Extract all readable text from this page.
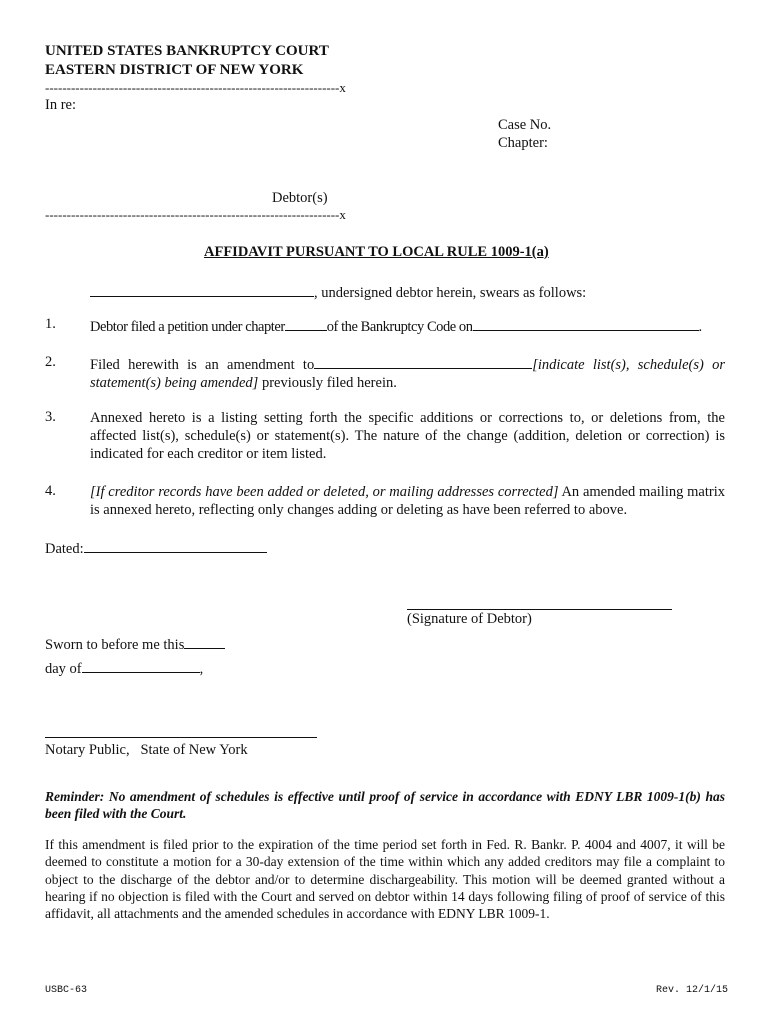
UNITED STATES BANKRUPTCY COURT
EASTERN DISTRICT OF NEW YORK
--------------------------------------------------------------------x
In re:
Case No.
Chapter:
Debtor(s)
--------------------------------------------------------------------x
AFFIDAVIT PURSUANT TO LOCAL RULE 1009-1(a)
, undersigned debtor herein, swears as follows:
1. Debtor filed a petition under chapter	of the Bankruptcy Code on	.
2. Filed herewith is an amendment to	[indicate list(s), schedule(s) or statement(s) being amended] previously filed herein.
3. Annexed hereto is a listing setting forth the specific additions or corrections to, or deletions from, the affected list(s), schedule(s) or statement(s). The nature of the change (addition, deletion or correction) is indicated for each creditor or item listed.
4. [If creditor records have been added or deleted, or mailing addresses corrected] An amended mailing matrix is annexed hereto, reflecting only changes adding or deleting as have been referred to above.
Dated:
(Signature of Debtor)
Sworn to before me this
day of	,
Notary Public,   State of New York
Reminder: No amendment of schedules is effective until proof of service in accordance with EDNY LBR 1009-1(b) has been filed with the Court.
If this amendment is filed prior to the expiration of the time period set forth in Fed. R. Bankr. P. 4004 and 4007, it will be deemed to constitute a motion for a 30-day extension of the time within which any added creditors may file a complaint to object to the discharge of the debtor and/or to determine dischargeability. This motion will be deemed granted without a hearing if no objection is filed with the Court and served on debtor within 14 days following filing of proof of service of this affidavit, all attachments and the amended schedules in accordance with EDNY LBR 1009-1.
USBC-63	Rev. 12/1/15
